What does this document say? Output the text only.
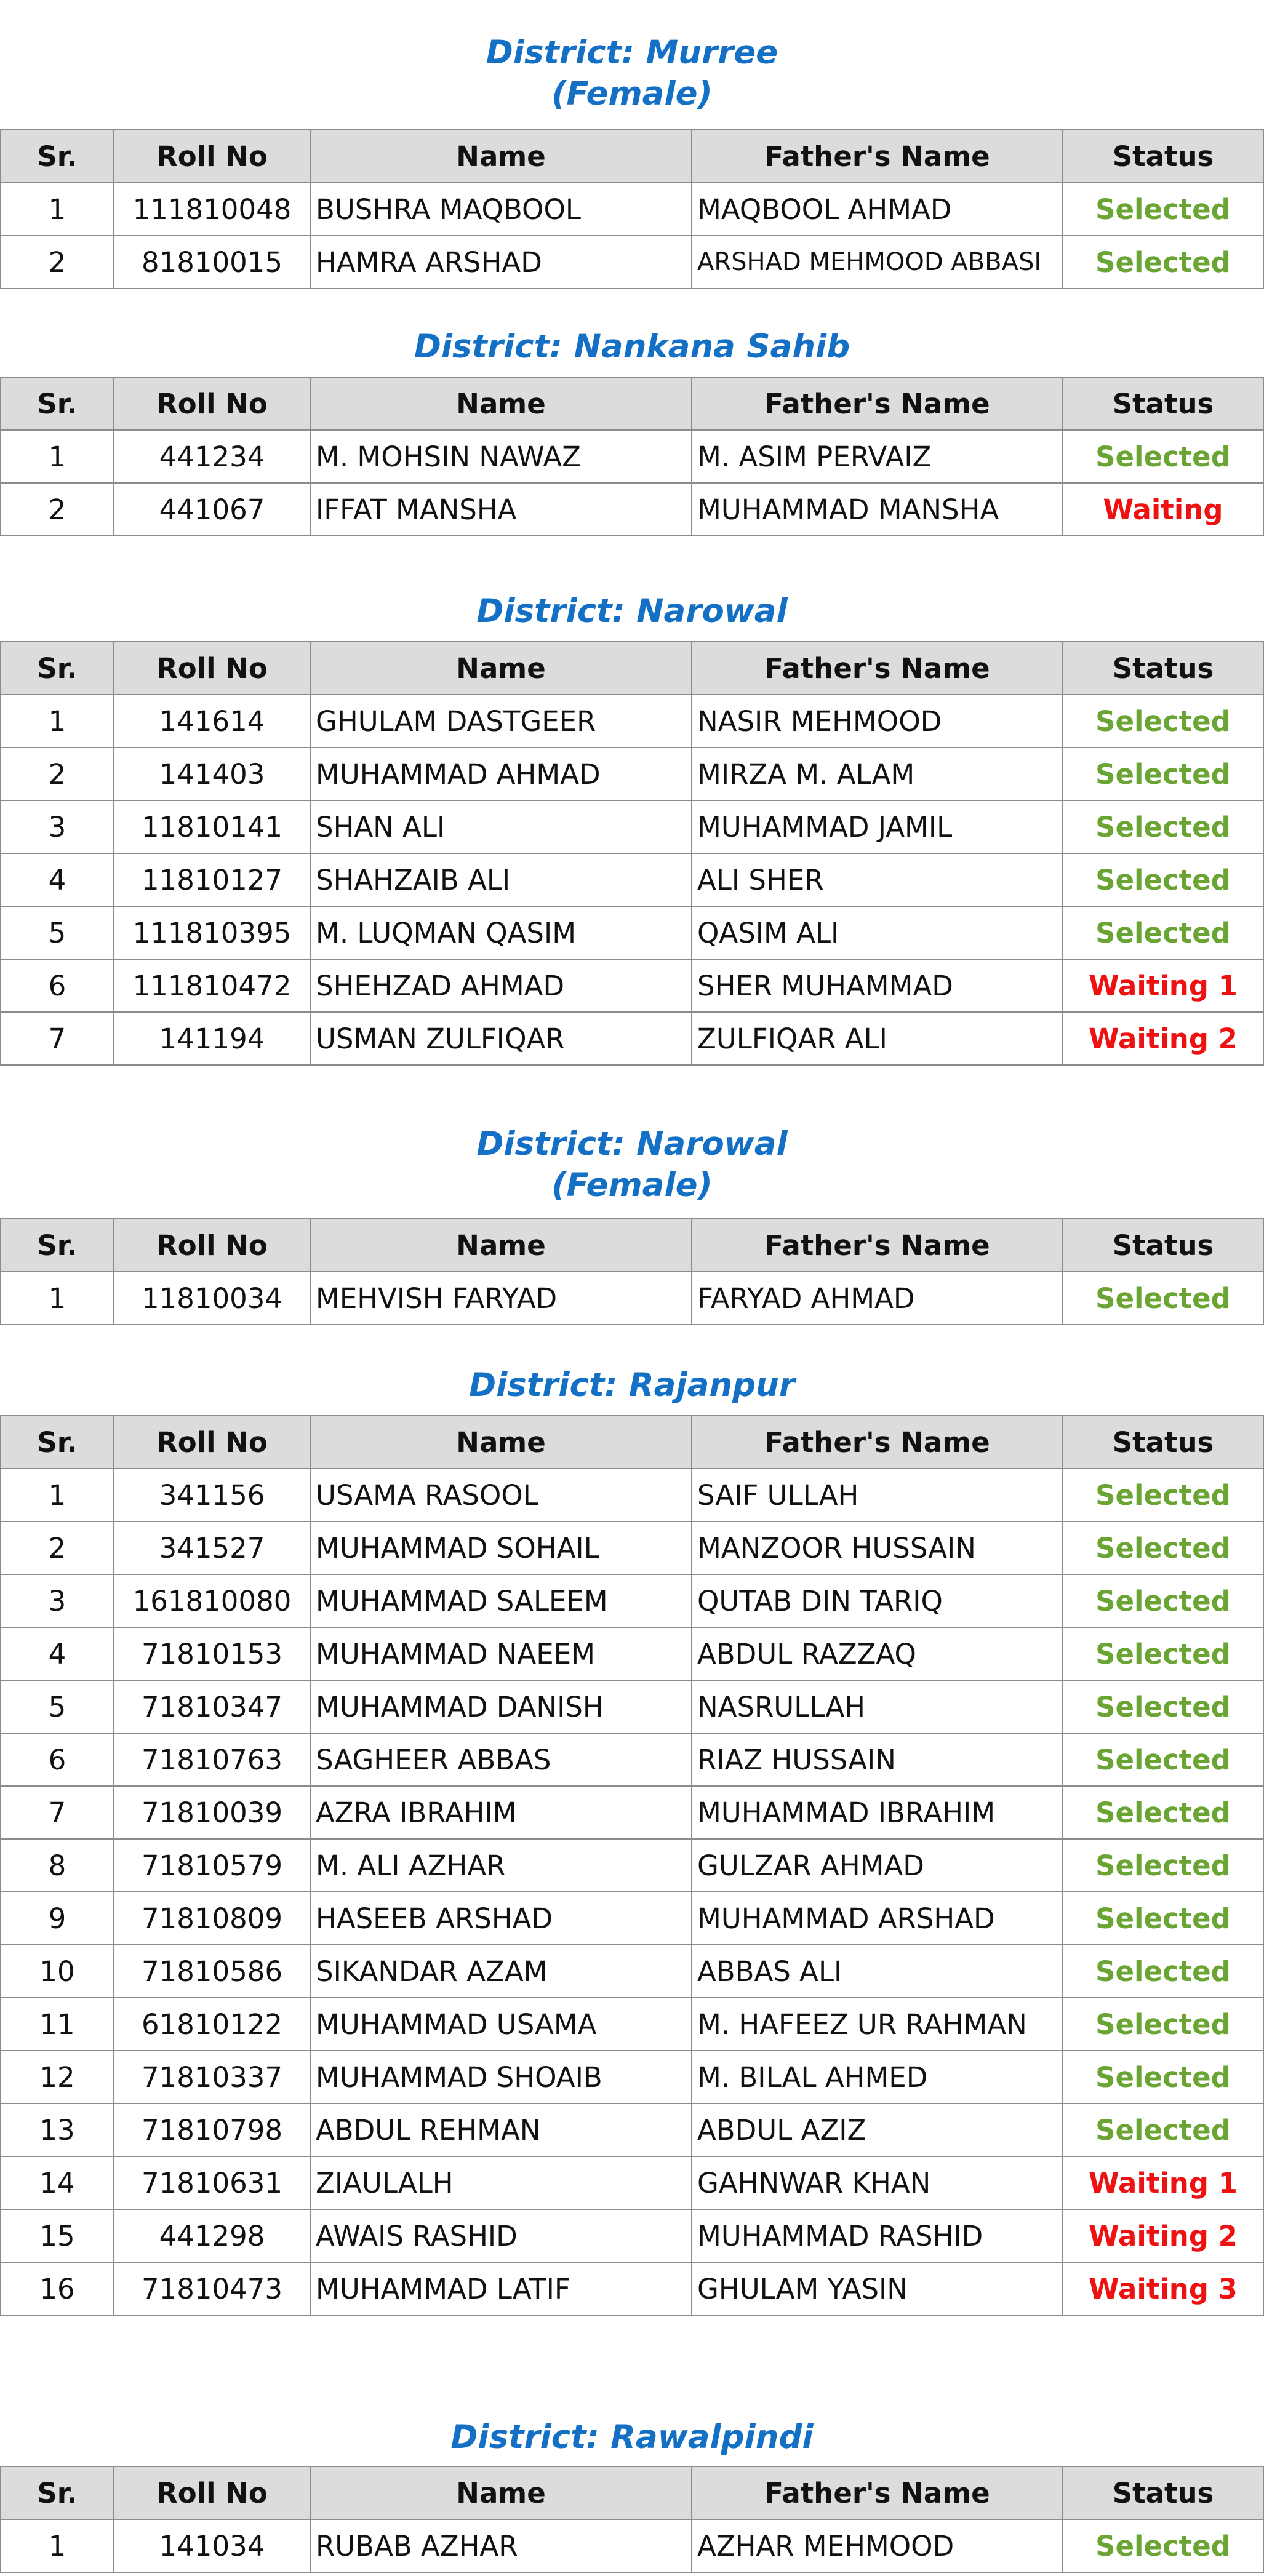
District: Murree
(Female)
Sr.	Roll No	Name	Father's Name	Status
1	111810048	BUSHRA MAQBOOL	MAQBOOL AHMAD	Selected
2	81810015	HAMRA ARSHAD	ARSHAD MEHMOOD ABBASI	Selected
District: Nankana Sahib
Sr.	Roll No	Name	Father's Name	Status
1	441234	M. MOHSIN NAWAZ	M. ASIM PERVAIZ	Selected
2	441067	IFFAT MANSHA	MUHAMMAD MANSHA	Waiting
District: Narowal
Sr.	Roll No	Name	Father's Name	Status
1	141614	GHULAM DASTGEER	NASIR MEHMOOD	Selected
2	141403	MUHAMMAD AHMAD	MIRZA M. ALAM	Selected
3	11810141	SHAN ALI	MUHAMMAD JAMIL	Selected
4	11810127	SHAHZAIB ALI	ALI SHER	Selected
5	111810395	M. LUQMAN QASIM	QASIM ALI	Selected
6	111810472	SHEHZAD AHMAD	SHER MUHAMMAD	Waiting 1
7	141194	USMAN ZULFIQAR	ZULFIQAR ALI	Waiting 2
District: Narowal
(Female)
Sr.	Roll No	Name	Father's Name	Status
1	11810034	MEHVISH FARYAD	FARYAD AHMAD	Selected
District: Rajanpur
Sr.	Roll No	Name	Father's Name	Status
1	341156	USAMA RASOOL	SAIF ULLAH	Selected
2	341527	MUHAMMAD SOHAIL	MANZOOR HUSSAIN	Selected
3	161810080	MUHAMMAD SALEEM	QUTAB DIN TARIQ	Selected
4	71810153	MUHAMMAD NAEEM	ABDUL RAZZAQ	Selected
5	71810347	MUHAMMAD DANISH	NASRULLAH	Selected
6	71810763	SAGHEER ABBAS	RIAZ HUSSAIN	Selected
7	71810039	AZRA IBRAHIM	MUHAMMAD IBRAHIM	Selected
8	71810579	M. ALI AZHAR	GULZAR AHMAD	Selected
9	71810809	HASEEB ARSHAD	MUHAMMAD ARSHAD	Selected
10	71810586	SIKANDAR AZAM	ABBAS ALI	Selected
11	61810122	MUHAMMAD USAMA	M. HAFEEZ UR RAHMAN	Selected
12	71810337	MUHAMMAD SHOAIB	M. BILAL AHMED	Selected
13	71810798	ABDUL REHMAN	ABDUL AZIZ	Selected
14	71810631	ZIAULALH	GAHNWAR KHAN	Waiting 1
15	441298	AWAIS RASHID	MUHAMMAD RASHID	Waiting 2
16	71810473	MUHAMMAD LATIF	GHULAM YASIN	Waiting 3
District: Rawalpindi
Sr.	Roll No	Name	Father's Name	Status
1	141034	RUBAB AZHAR	AZHAR MEHMOOD	Selected
